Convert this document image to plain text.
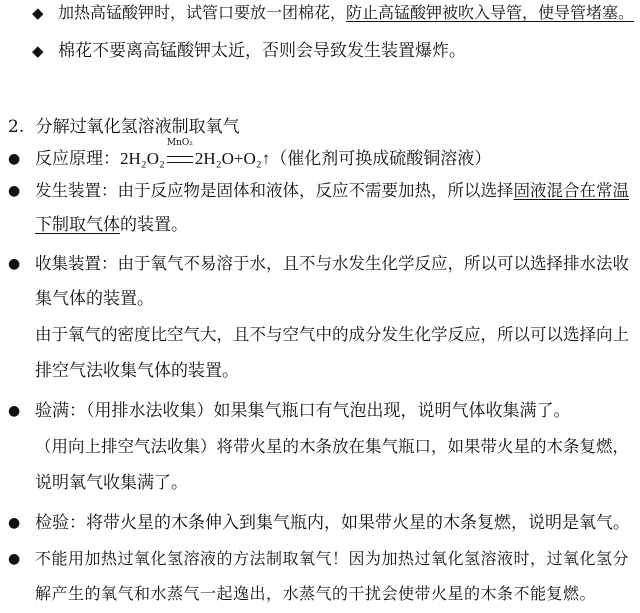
◆ 加热高锰酸钾时，试管口要放一团棉花，防止高锰酸钾被吹入导管，使导管堵塞。
◆ 棉花不要离高锰酸钾太近，否则会导致发生装置爆炸。
2. 分解过氧化氢溶液制取氧气
● 反应原理：2H₂O₂
MnO₂
2H₂O+O₂↑（催化剂可换成硫酸铜溶液）
● 发生装置：由于反应物是固体和液体，反应不需要加热，所以选择固液混合在常温
下制取气体的装置。
● 收集装置：由于氧气不易溶于水，且不与水发生化学反应，所以可以选择排水法收
集气体的装置。
由于氧气的密度比空气大，且不与空气中的成分发生化学反应，所以可以选择向上
排空气法收集气体的装置。
● 验满：（用排水法收集）如果集气瓶口有气泡出现，说明气体收集满了。
（用向上排空气法收集）将带火星的木条放在集气瓶口，如果带火星的木条复燃，
说明氧气收集满了。
● 检验：将带火星的木条伸入到集气瓶内，如果带火星的木条复燃，说明是氧气。
● 不能用加热过氧化氢溶液的方法制取氧气！因为加热过氧化氢溶液时，过氧化氢分
解产生的氧气和水蒸气一起逸出，水蒸气的干扰会使带火星的木条不能复燃。
